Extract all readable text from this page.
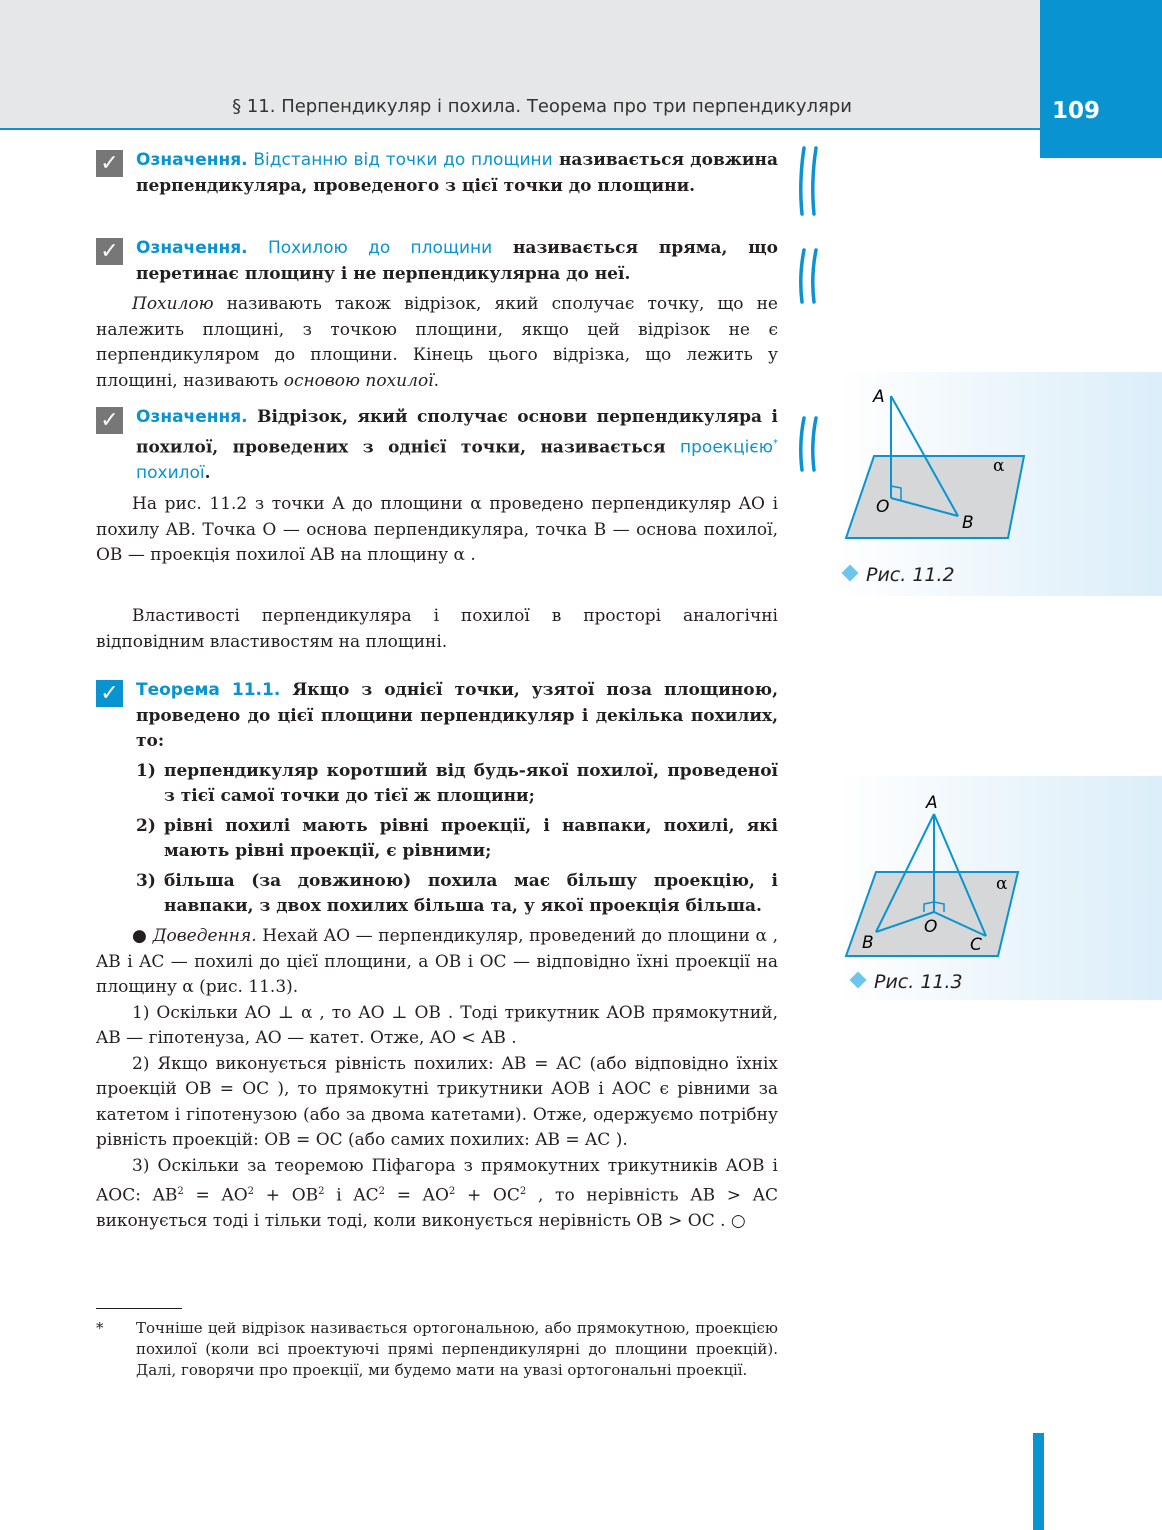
§ 11. Перпендикуляр і похила. Теорема про три перпендикуляри	109
✓ Означення. Відстанню від точки до площини називається довжина перпендикуляра, проведеного з цієї точки до площини.
✓ Означення. Похилою до площини називається пряма, що перетинає площину і не перпендикулярна до неї.

Похилою називають також відрізок, який сполучає точку, що не належить площині, з точкою площини, якщо цей відрізок не є перпендикуляром до площини. Кінець цього відрізка, що лежить у площині, називають основою похилої.

✓ Означення. Відрізок, який сполучає основи перпендикуляра і похилої, проведених з однієї точки, називається проекцією* похилої.

На рис. 11.2 з точки A до площини α проведено перпендикуляр AO і похилу AB. Точка O — основа перпендикуляра, точка B — основа похилої, OB — проекція похилої AB на площину α .

Властивості перпендикуляра і похилої в просторі аналогічні відповідним властивостям на площині.

✓ Теорема 11.1. Якщо з однієї точки, узятої поза площиною, проведено до цієї площини перпендикуляр і декілька похилих, то:
1) перпендикуляр коротший від будь-якої похилої, проведеної з тієї самої точки до тієї ж площини;
2) рівні похилі мають рівні проекції, і навпаки, похилі, які мають рівні проекції, є рівними;
3) більша (за довжиною) похила має більшу проекцію, і навпаки, з двох похилих більша та, у якої проекція більша.

● Доведення. Нехай AO — перпендикуляр, проведений до площини α , AB і AC — похилі до цієї площини, а OB і OC — відповідно їхні проекції на площину α (рис. 11.3).

1) Оскільки AO ⊥ α , то AO ⊥ OB . Тоді трикутник AOB прямокутний, AB — гіпотенуза, AO — катет. Отже, AO < AB .

2) Якщо виконується рівність похилих: AB = AC (або відповідно їхніх проекцій OB = OC ), то прямокутні трикутники AOB і AOC є рівними за катетом і гіпотенузою (або за двома катетами). Отже, одержуємо потрібну рівність проекцій: OB = OC (або самих похилих: AB = AC ).

3) Оскільки за теоремою Піфагора з прямокутних трикутників AOB і AOC: $AB^2 = AO^2 + OB^2$ і $AC^2 = AO^2 + OC^2$ , то нерівність AB > AC виконується тоді і тільки тоді, коли виконується нерівність OB > OC . ○

A
O
B
α
Рис. 11.2
A
O
B	C
α
Рис. 11.3
* Точніше цей відрізок називається ортогональною, або прямокутною, проекцією похилої (коли всі проектуючі прямі перпендикулярні до площини проекцій). Далі, говорячи про проекції, ми будемо мати на увазі ортогональні проекції.
